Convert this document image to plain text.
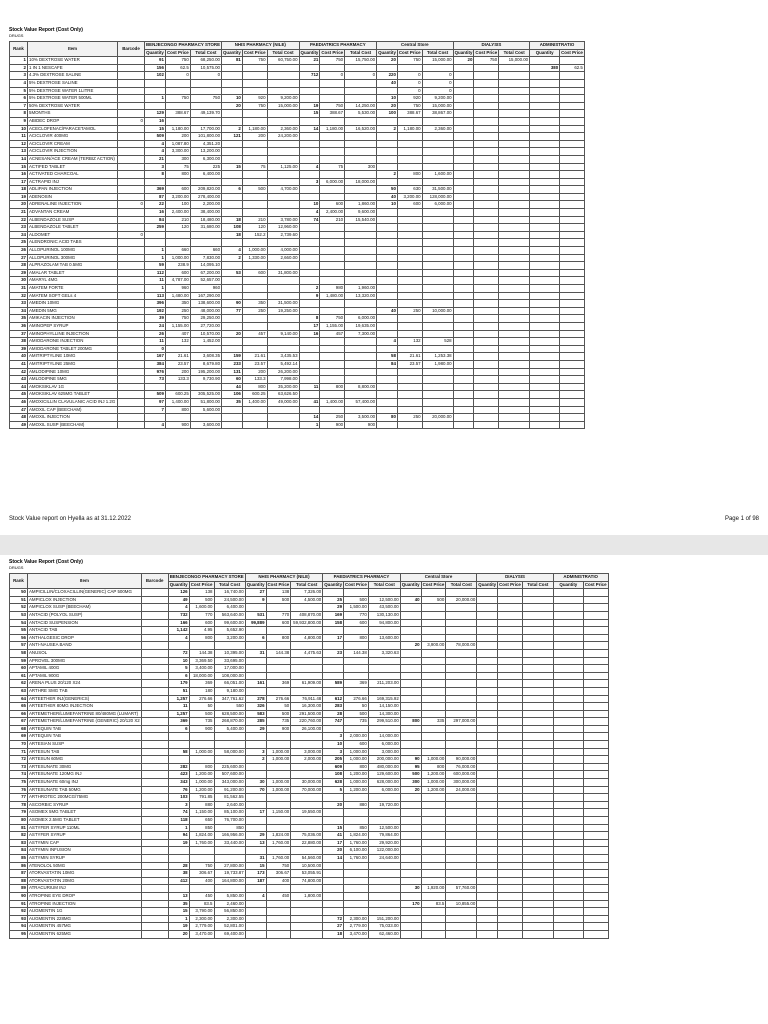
Stock Value Report (Cost Only)
DRUGS
Rank	Item	Barcode	BENJECONGO PHARMACY STORE			NHIS PHARMACY (NILE)			PAEDIATRICS PHARMACY			Central Store			DIALYSIS			ADMINISTRATIO	
			Quantity	Cost Price	Total Cost	Quantity	Cost Price	Total Cost	Quantity	Cost Price	Total Cost	Quantity	Cost Price	Total Cost	Quantity	Cost Price	Total Cost	Quantity	Cost Price
1	10% DEXTROSE WATER		91	750	68,250.00	81	750	60,750.00	21	750	15,750.00	20	750	15,000.00	20	750	15,000.00		
2	1 IN 1 NESCAFE		156	62.5	10,575.00													380	62.5
3	4.3% DEXTROSE SALINE		102	0	0				712	0	0	220	0	0					
4	5% DEXTROSE SALINE											40	0	0					
5	5% DEXTROSE WATER 1LITRE												0	0					
6	5% DEXTROSE WATER 500ML		1	750	750	10	920	9,200.00				10	920	9,200.00					
7	50% DEXTROSE WATER					20	750	15,000.00	19	750	14,250.00	20	750	15,000.00					
8	5MONTHS		129	388.67	49,139.70				15	388.67	5,530.00	100	388.67	38,867.00					
9	ABIDEC DROP	0	16																
10	ACECLOFENAC/PARACETAMOL		15	1,180.00	17,700.00	2	1,180.00	2,360.00	14	1,180.00	16,520.00	2	1,180.00	2,360.00					
11	ACICLOVIR 400MG		509	200	101,800.00	121	200	24,200.00											
12	ACICLOVIR CREAM		4	1,087.80	4,351.20														
13	ACICLOVIR INJECTION		4	3,300.00	13,200.00														
14	ACNESAN/ACE CREAM (TERBIZ ACTION)		21	300	6,300.00														
15	ACTIFED TABLET		3	75	225	15	75	1,125.00	4	75	300								
16	ACTIVATED CHARCOAL		8	800	6,400.00							2	800	1,600.00					
17	ACTRAPID INJ								3	6,000.00	18,000.00								
18	ADLIPAN INJECTION		369	600	209,820.00	6	500	4,700.00				50	630	31,500.00					
19	ADENOSIN		87	3,200.00	278,400.00							40	3,200.00	128,000.00					
20	ADRENALINE INJECTION	0	22	100	2,200.00				10	600	1,860.00	10	600	6,000.00					
21	ADVANTAN CREAM		16	2,400.00	38,400.00				4	2,400.00	9,600.00								
22	ALBENDAZOLE SUSP		84	210	18,480.00	18	210	3,780.00	74	210	15,540.00								
23	ALBENDAZOLE TABLET		259	120	31,680.00	108	120	12,960.00											
24	ALDOMET	0				18	152.2	2,739.60											
25	ALENDRONIC ACID TABS																		
26	ALLOPURINOL 100MG		1	660	660	4	1,000.00	4,000.00											
27	ALLOPURINOL 300MG		1	1,000.00	7,830.00	2	1,330.00	2,660.00											
28	ALPRAZOLAM TAB 0.5MG		59	238.9	14,095.10														
29	AMALAR TABLET		112	600	67,200.00	53	600	31,800.00											
30	AMARYL 4MG		11	4,787.00	52,657.00														
31	AMATEM FORTE		1	960	960				2	980	1,960.00								
32	AMATEM SOFT GELs 4		113	1,480.00	167,290.00				9	1,480.00	13,320.00								
33	AMEDIN 10MG		396	350	138,600.00	90	350	31,500.00											
34	AMEDIN 5MG		192	250	48,000.00	77	250	19,250.00				40	250	10,000.00					
35	AMIKACIN INJECTION		39	750	29,250.00				8	750	6,000.00								
36	AMINOPEP SYRUP		24	1,155.00	27,720.00				17	1,155.00	19,635.00								
37	AMINOPHYLLINE INJECTION		26	407	10,570.00	20	457	9,140.00	16	457	7,300.00								
38	AMIODARONE INJECTION		11	132	1,452.00							4	132	528					
39	AMIODARONE TABLET 200MG		0																
40	AMITRIPTYLINE 10MG		167	21.61	3,608.35	159	21.61	3,435.53				58	21.61	1,253.38					
41	AMITRIPTYLINE 25MG		384	23.57	8,679.80	233	23.57	5,492.14				84	23.57	1,980.00					
42	AMLODIPINE 10MG		976	200	195,200.00	131	200	26,200.00											
43	AMLODIPINE 5MG		73	133.3	9,730.90	60	133.3	7,998.00											
44	AMOKSIKLAV 1G					44	800	35,200.00	11	800	8,800.00								
45	AMOKSIKLAV 625MG TABLET		509	600.25	305,525.00	106	600.25	63,626.50											
46	AMOXICILLIN CLAVULANIC ACID INJ 1.2G		97	1,400.00	51,800.00	35	1,400.00	49,000.00	41	1,400.00	57,400.00								
47	AMOXIL CAP (BEECHAM)		7	800	5,600.00														
48	AMOXIL INJECTION								14	250	3,500.00	80	250	20,000.00					
49	AMOXIL SUSP (BEECHAM)		4	900	3,600.00				1	900	900								
Stock Value report on Hyella as at 31.12.2022	Page 1 of 98
Stock Value Report (Cost Only)
DRUGS
Rank	Item	Barcode	BENJECONGO PHARMACY STORE			NHIS PHARMACY (NILE)			PAEDIATRICS PHARMACY			Central Store			DIALYSIS			ADMINISTRATIO	
			Quantity	Cost Price	Total Cost	Quantity	Cost Price	Total Cost	Quantity	Cost Price	Total Cost	Quantity	Cost Price	Total Cost	Quantity	Cost Price	Total Cost	Quantity	Cost Price
50	AMPICILLIN/CLOXACILLIN(GENERIC) CAP 500MG		126	138	16,740.00	27	138	7,326.00											
51	AMPICLOX INJECTION		49	500	24,500.00	9	500	4,500.00	25	500	12,500.00	40	500	20,000.00					
52	AMPICLOX SUSP (BEECHAM)		4	1,600.00	6,400.00				29	1,500.00	43,500.00								
53	ANTACID (POLYOL SUSP)		732	770	563,640.00	531	770	408,870.00	169	770	130,130.00								
54	ANTACID SUSPENSION		166	600	99,600.00	99,889	600	59,932,800.00	158	600	94,800.00								
55	ANTACID TAB		1,142	4.95	5,652.90														
56	ANTHALGESIC DROP		4	800	3,200.00	6	800	4,800.00	17	800	13,600.00								
57	ANTI-NAUSEA BAND											20	3,900.00	78,000.00					
58	ANUSOL		72	144.38	10,395.00	31	144.38	4,475.63	23	144.38	3,320.63								
59	APROVEL 300MG		10	3,369.50	33,695.00														
60	APTAMIL 400G		5	3,400.00	17,000.00														
61	APTAMIL 900G		6	18,000.00	108,000.00														
62	ARENA PLUS 20/120 X24		179	369	66,051.00	161	369	61,909.00	589	369	211,203.00								
63	ARTHRE SMG TAB		51	180	9,180.00														
64	ARTEETHER INJ(GENERICS)		1,257	276.66	347,761.62	278	276.66	76,911.48	612	276.66	169,315.92								
65	ARTEETHER 80MG INJECTION		11	50	550	326	50	16,300.00	283	50	14,150.00								
66	ARTEMETHER/LUMEFANTRINE 80/480MG (LUMART)		1,257	500	628,500.00	583	500	291,500.00	28	500	14,300.00								
67	ARTEMETHER/LUMEFANTRINE (GENERIC) 20/120 X2		369	735	268,870.00	285	735	220,760.00	747	735	299,510.00	800	335	297,000.00					
68	ARTEQUIN TAB		6	900	5,400.00	29	900	26,100.00											
69	ARTEQUIN TAB								3	2,000.00	14,000.00								
70	ARTESIAN SUSP								10	600	6,000.00								
71	ARTESUN TAB		58	1,000.00	58,000.00	3	1,000.00	3,000.00	3	1,000.00	3,000.00								
72	ARTESUN 60MG					2	1,000.00	2,000.00	205	1,000.00	200,000.00	90	1,000.00	90,000.00					
73	ARTESUNATE 30MG		282	800	225,600.00				609	800	480,000.00	95	800	76,000.00					
74	ARTESUNATE 120MG INJ		423	1,200.00	507,600.00				108	1,200.00	129,600.00	500	1,200.00	600,000.00					
75	ARTESUNATE 60mg INJ		343	1,000.00	343,000.00	30	1,000.00	30,000.00	628	1,000.00	628,000.00	300	1,000.00	300,000.00					
76	ARTESUNATE TAB 50MG		76	1,200.00	91,200.00	70	1,000.00	70,000.00	5	1,200.00	6,000.00	20	1,200.00	24,000.00					
77	ARTHROTEC 200MCG/75MG		103	791.85	81,562.55														
78	ASCORBIC SYRUP		3	880	2,640.00				20	880	19,720.00								
79	ASOMEX 5MG TABLET		74	1,150.00	85,100.00	17	1,150.00	19,550.00											
80	ASOMEX 2.5MG TABLET		118	650	76,700.00														
81	ASTYFER SYRUP 110ML		1	850	850				15	850	12,500.00								
82	ASTYFER SYRUP		94	1,824.00	166,956.00	29	1,824.00	75,036.00	41	1,824.00	79,864.00								
83	ASTYMIN CAP		19	1,760.00	33,440.00	13	1,760.00	22,880.00	17	1,760.00	29,920.00								
84	ASTYMIN INFUSION								20	6,100.00	122,000.00								
85	ASTYMIN SYRUP					31	1,760.00	54,560.00	14	1,760.00	24,640.00								
86	ATENOLOL 50MG		28	750	27,800.00	15	750	10,500.00											
87	ATORVASTATIN 10MG		38	306.67	19,733.87	173	306.67	53,055.91											
88	ATORVASTATIN 20MG		412	400	164,800.00	187	400	74,800.00											
89	ATRACURIUM INJ											30	1,920.00	57,760.00					
90	ATROPINE EYE DROP		13	450	5,850.00	4	450	1,800.00											
91	ATROPINE INJECTION		35	83.5	2,460.00							170	83.5	10,855.00					
92	AUGMENTIN 1G		15	3,790.00	56,850.00														
93	AUGMENTIN 228MG		1	2,300.00	2,300.00				72	2,300.00	151,200.00								
94	AUGMENTIN 457MG		19	2,779.00	52,801.00				27	2,779.00	75,033.00								
95	AUGMENTIN 625MG		20	3,470.00	69,400.00				18	3,470.00	62,460.00								
